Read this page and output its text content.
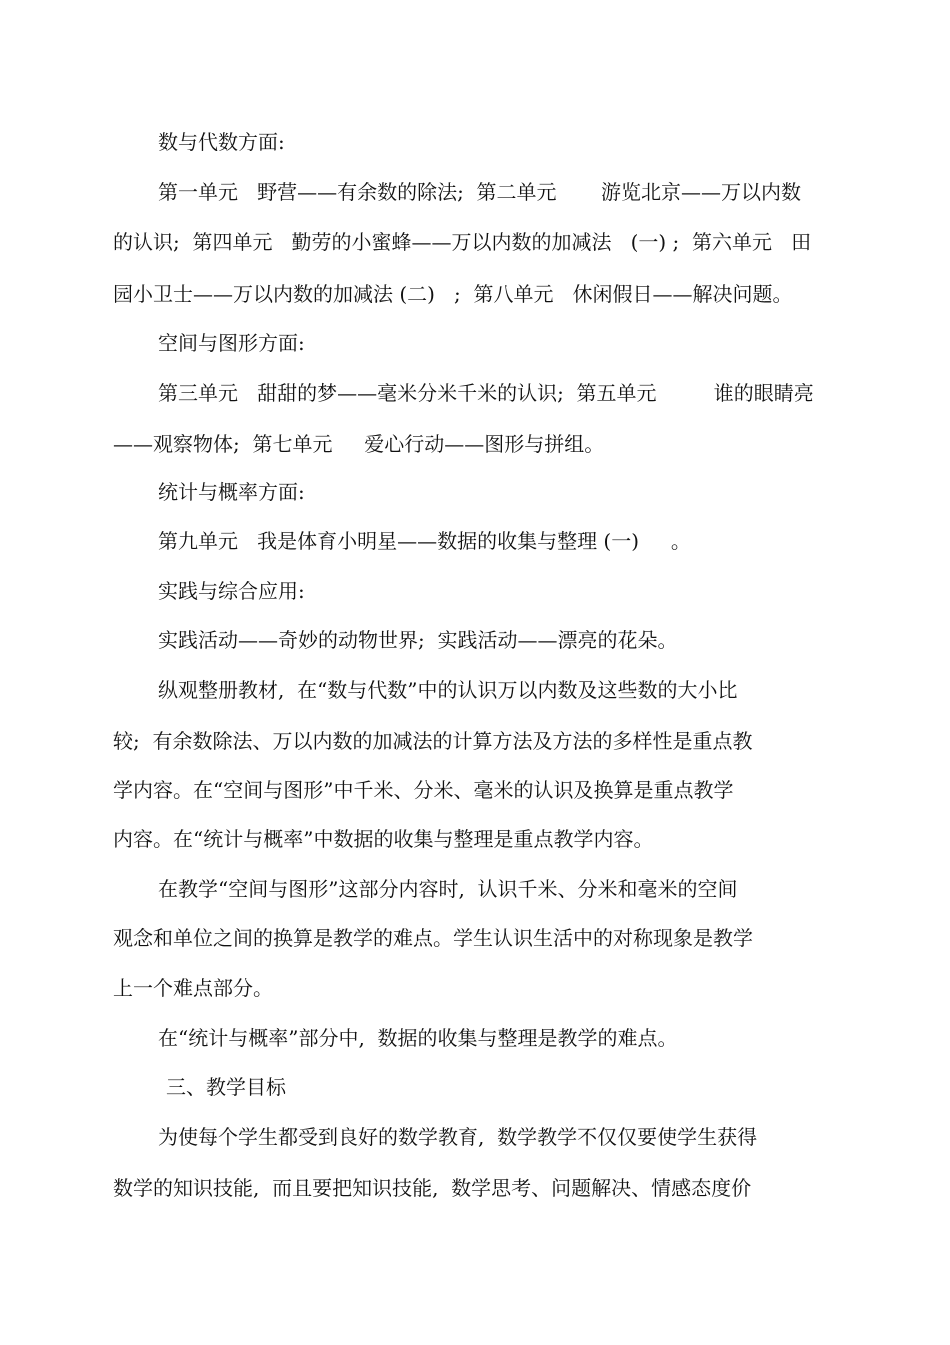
数与代数方面:
第一单元   野营——有余数的除法;  第二单元       游览北京——万以内数
的认识;  第四单元   勤劳的小蜜蜂——万以内数的加减法   (一) ;  第六单元   田
园小卫士——万以内数的加减法 (二)   ;  第八单元   休闲假日——解决问题。
空间与图形方面:
第三单元   甜甜的梦——毫米分米千米的认识;  第五单元         谁的眼睛亮
——观察物体;  第七单元     爱心行动——图形与拼组。
统计与概率方面:
第九单元   我是体育小明星——数据的收集与整理 (一)     。
实践与综合应用:
实践活动——奇妙的动物世界;  实践活动——漂亮的花朵。
纵观整册教材,  在“数与代数”中的认识万以内数及这些数的大小比
较;  有余数除法、万以内数的加减法的计算方法及方法的多样性是重点教
学内容。在“空间与图形”中千米、分米、毫米的认识及换算是重点教学
内容。在“统计与概率”中数据的收集与整理是重点教学内容。
在教学“空间与图形”这部分内容时,  认识千米、分米和毫米的空间
观念和单位之间的换算是教学的难点。学生认识生活中的对称现象是教学
上一个难点部分。
在“统计与概率”部分中,  数据的收集与整理是教学的难点。
三、教学目标
为使每个学生都受到良好的数学教育,  数学教学不仅仅要使学生获得
数学的知识技能,  而且要把知识技能,  数学思考、问题解决、情感态度价
